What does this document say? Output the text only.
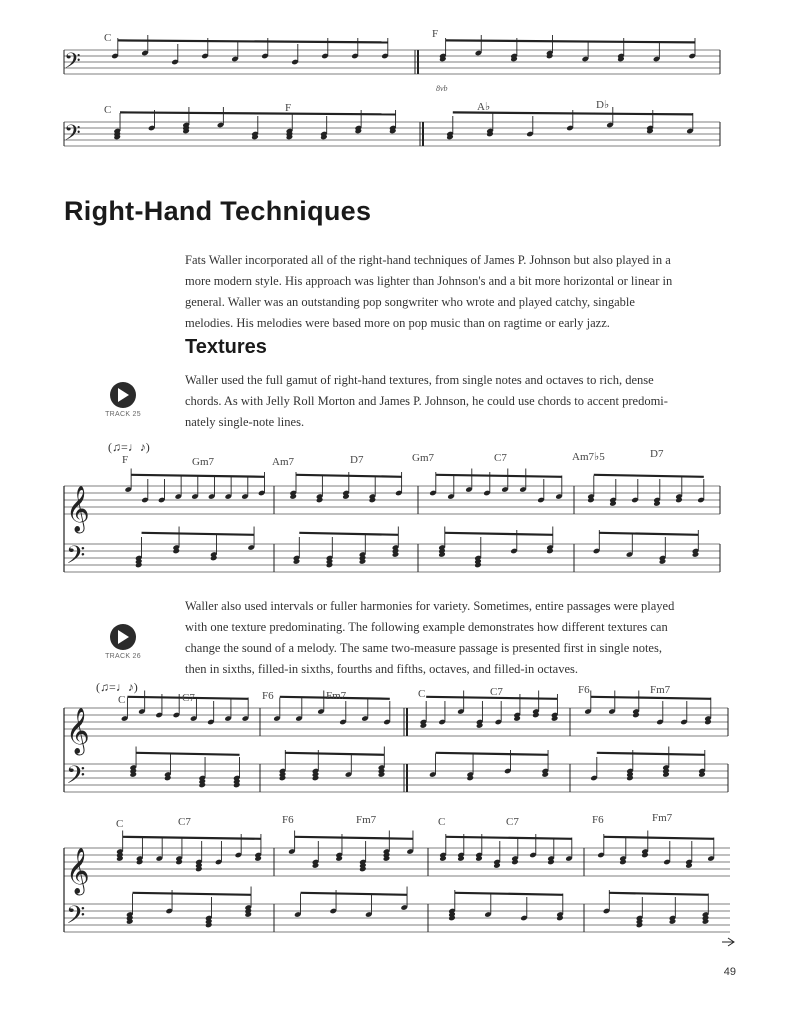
𝄢
𝄢
C	F
8vb
C	F	A♭	D♭
Right-Hand Techniques

Fats Waller incorporated all of the right-hand techniques of James P. Johnson but also played in a
more modern style. His approach was lighter than Johnson's and a bit more horizontal or linear in
general. Waller was an outstanding pop songwriter who wrote and played catchy, singable
melodies. His melodies were based more on pop music than on ragtime or early jazz.

Textures
TRACK 25

Waller used the full gamut of right-hand textures, from single notes and octaves to rich, dense
chords. As with Jelly Roll Morton and James P. Johnson, he could use chords to accent predomi-
nately single-note lines.

𝄞
𝄢
(♫=♩♪)
F	Gm7	Am7	D7	Gm7	C7	Am7♭5	D7
TRACK 26

Waller also used intervals or fuller harmonies for variety. Sometimes, entire passages were played
with one texture predominating. The following example demonstrates how different textures can
change the sound of a melody. The same two-measure passage is presented first in single notes,
then in sixths, filled-in sixths, fourths and fifths, octaves, and filled-in octaves.

𝄞
𝄢
(♫=♩♪)
C	C7	F6	Fm7	C	C7	F6	Fm7
𝄞
𝄢
C	C7	F6	Fm7	C	C7	F6	Fm7
49
